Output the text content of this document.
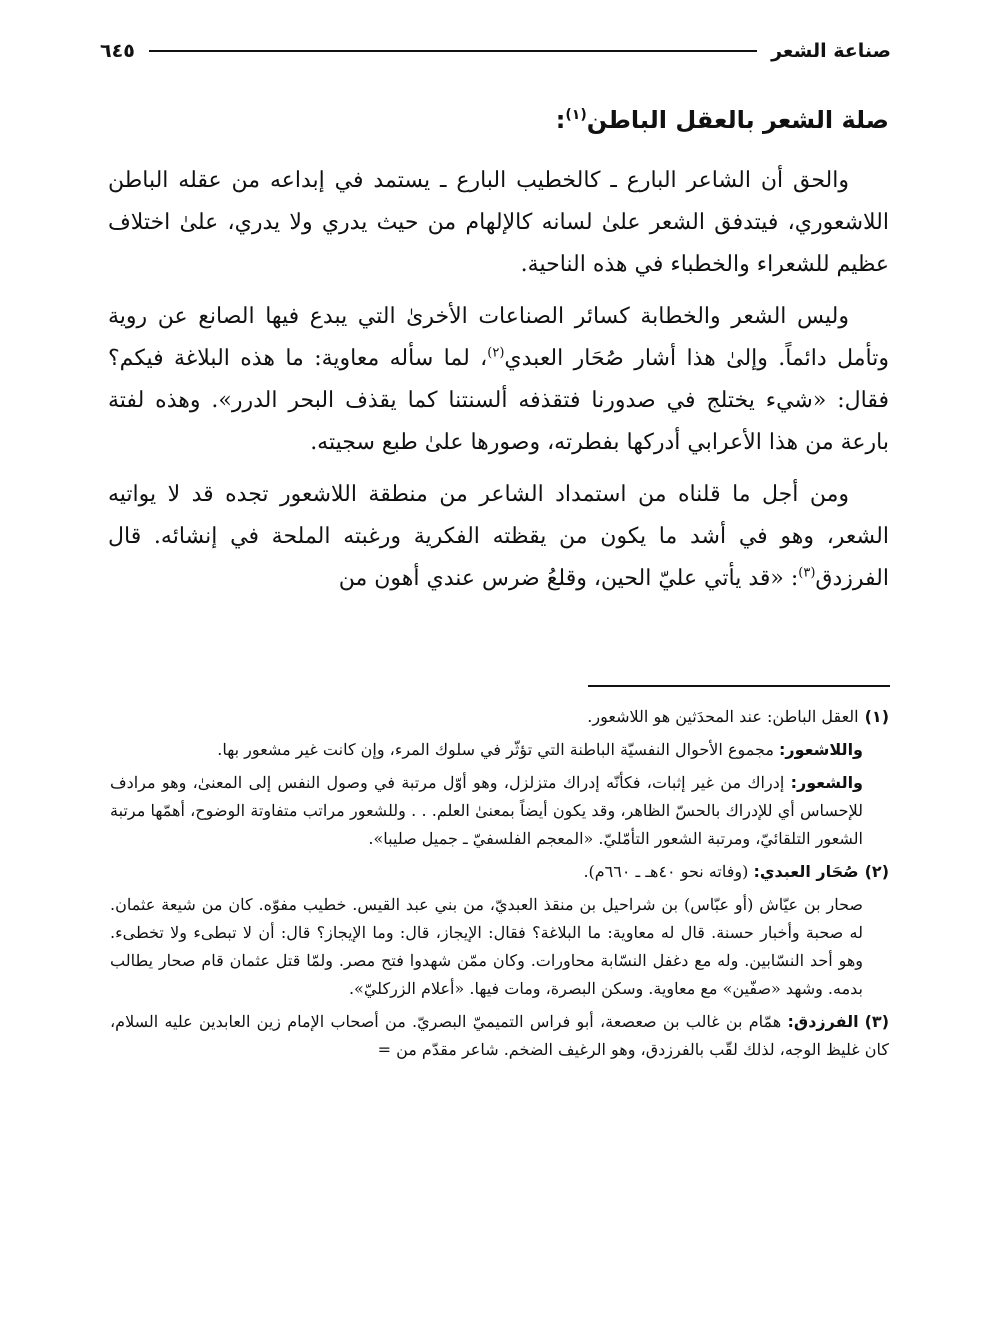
صناعة الشعر
٦٤٥
صلة الشعر بالعقل الباطن$^{(١)}$:

والحق أن الشاعر البارع ـ كالخطيب البارع ـ يستمد في إبداعه من عقله الباطن اللاشعوري، فيتدفق الشعر علىٰ لسانه كالإلهام من حيث يدري ولا يدري، علىٰ اختلاف عظيم للشعراء والخطباء في هذه الناحية.

وليس الشعر والخطابة كسائر الصناعات الأخرىٰ التي يبدع فيها الصانع عن روية وتأمل دائماً. وإلىٰ هذا أشار صُحَار العبدي$^{(٢)}$، لما سأله معاوية: ما هذه البلاغة فيكم؟ فقال: «شيء يختلج في صدورنا فتقذفه ألسنتنا كما يقذف البحر الدرر». وهذه لفتة بارعة من هذا الأعرابي أدركها بفطرته، وصورها علىٰ طبع سجيته.

ومن أجل ما قلناه من استمداد الشاعر من منطقة اللاشعور تجده قد لا يواتيه الشعر، وهو في أشد ما يكون من يقظته الفكرية ورغبته الملحة في إنشائه. قال الفرزدق$^{(٣)}$: «قد يأتي عليّ الحين، وقلعُ ضرس عندي أهون من

(١)العقل الباطن: عند المحدَثين هو اللاشعور.

واللاشعور: مجموع الأحوال النفسيّة الباطنة التي تؤثّر في سلوك المرء، وإن كانت غير مشعور بها.

والشعور: إدراك من غير إثبات، فكأنّه إدراك متزلزل، وهو أوّل مرتبة في وصول النفس إلى المعنىٰ، وهو مرادف للإحساس أي للإدراك بالحسّ الظاهر، وقد يكون أيضاً بمعنىٰ العلم. . . وللشعور مراتب متفاوتة الوضوح، أهمّها مرتبة الشعور التلقائيّ، ومرتبة الشعور التأمّليّ. «المعجم الفلسفيّ ـ جميل صليبا».

(٢)صُحَار العبدي: (وفاته نحو ٤٠هـ ـ ٦٦٠م).

صحار بن عيّاش (أو عبّاس) بن شراحيل بن منقذ العبديّ، من بني عبد القيس. خطيب مفوّه. كان من شيعة عثمان. له صحبة وأخبار حسنة. قال له معاوية: ما البلاغة؟ فقال: الإيجاز، قال: وما الإيجاز؟ قال: أن لا تبطىء ولا تخطىء. وهو أحد النسّابين. وله مع دغفل النسّابة محاورات. وكان ممّن شهدوا فتح مصر. ولمّا قتل عثمان قام صحار يطالب بدمه. وشهد «صفّين» مع معاوية. وسكن البصرة، ومات فيها. «أعلام الزركليّ».

(٣)الفرزدق: همّام بن غالب بن صعصعة، أبو فراس التميميّ البصريّ. من أصحاب الإمام زين العابدين عليه السلام، كان غليظ الوجه، لذلك لقّب بالفرزدق، وهو الرغيف الضخم. شاعر مقدّم من =
